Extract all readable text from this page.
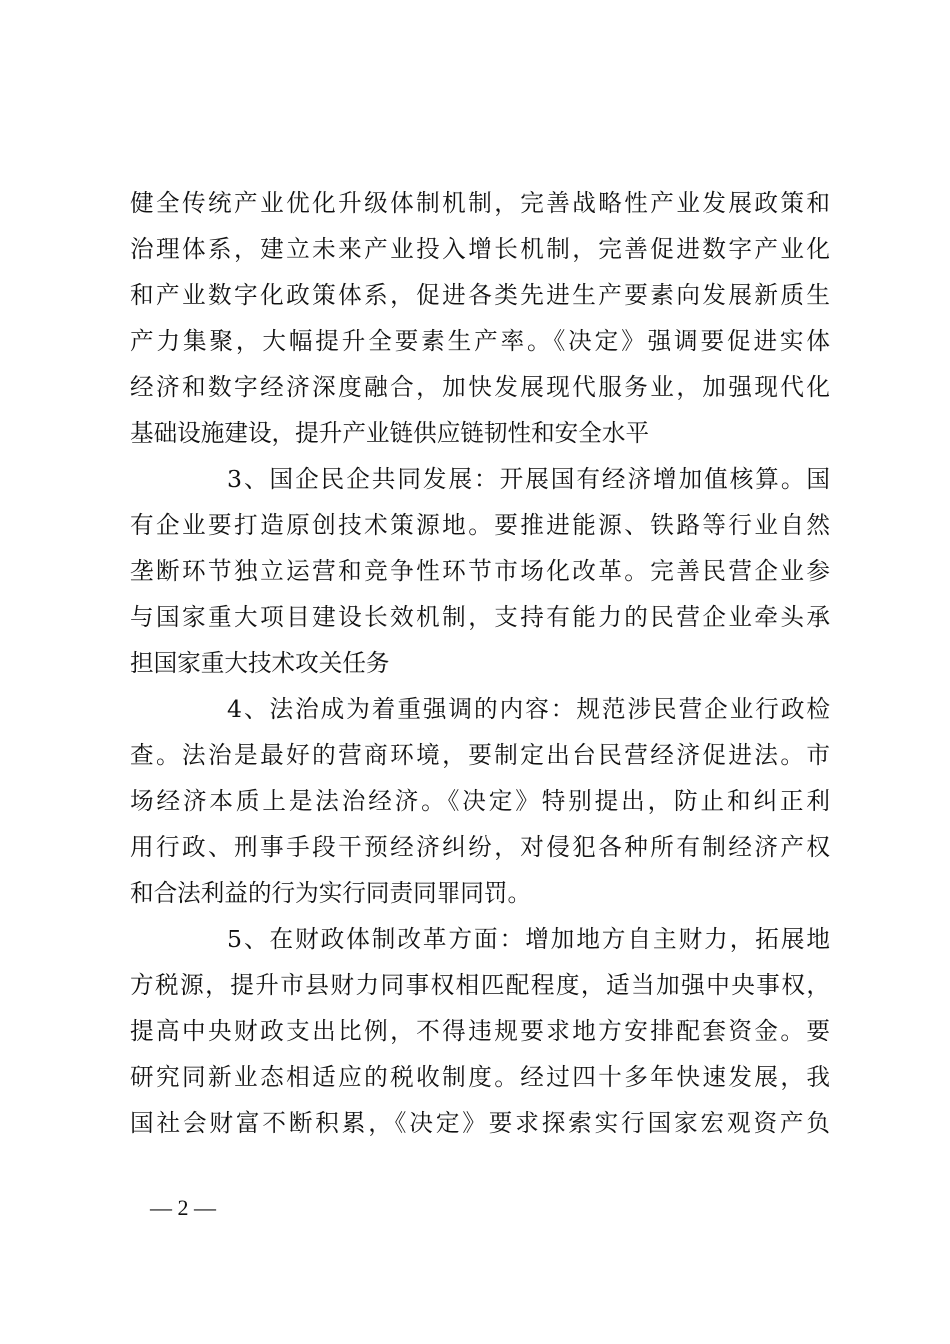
健全传统产业优化升级体制机制，完善战略性产业发展政策和
治理体系，建立未来产业投入增长机制，完善促进数字产业化
和产业数字化政策体系，促进各类先进生产要素向发展新质生
产力集聚，大幅提升全要素生产率。《决定》强调要促进实体
经济和数字经济深度融合，加快发展现代服务业，加强现代化
基础设施建设，提升产业链供应链韧性和安全水平
3、国企民企共同发展：开展国有经济增加值核算。国
有企业要打造原创技术策源地。要推进能源、铁路等行业自然
垄断环节独立运营和竞争性环节市场化改革。完善民营企业参
与国家重大项目建设长效机制，支持有能力的民营企业牵头承
担国家重大技术攻关任务
4、法治成为着重强调的内容：规范涉民营企业行政检
查。法治是最好的营商环境，要制定出台民营经济促进法。市
场经济本质上是法治经济。《决定》特别提出，防止和纠正利
用行政、刑事手段干预经济纠纷，对侵犯各种所有制经济产权
和合法利益的行为实行同责同罪同罚。
5、在财政体制改革方面：增加地方自主财力，拓展地
方税源，提升市县财力同事权相匹配程度，适当加强中央事权，
提高中央财政支出比例，不得违规要求地方安排配套资金。要
研究同新业态相适应的税收制度。经过四十多年快速发展，我
国社会财富不断积累，《决定》要求探索实行国家宏观资产负
— 2 —
